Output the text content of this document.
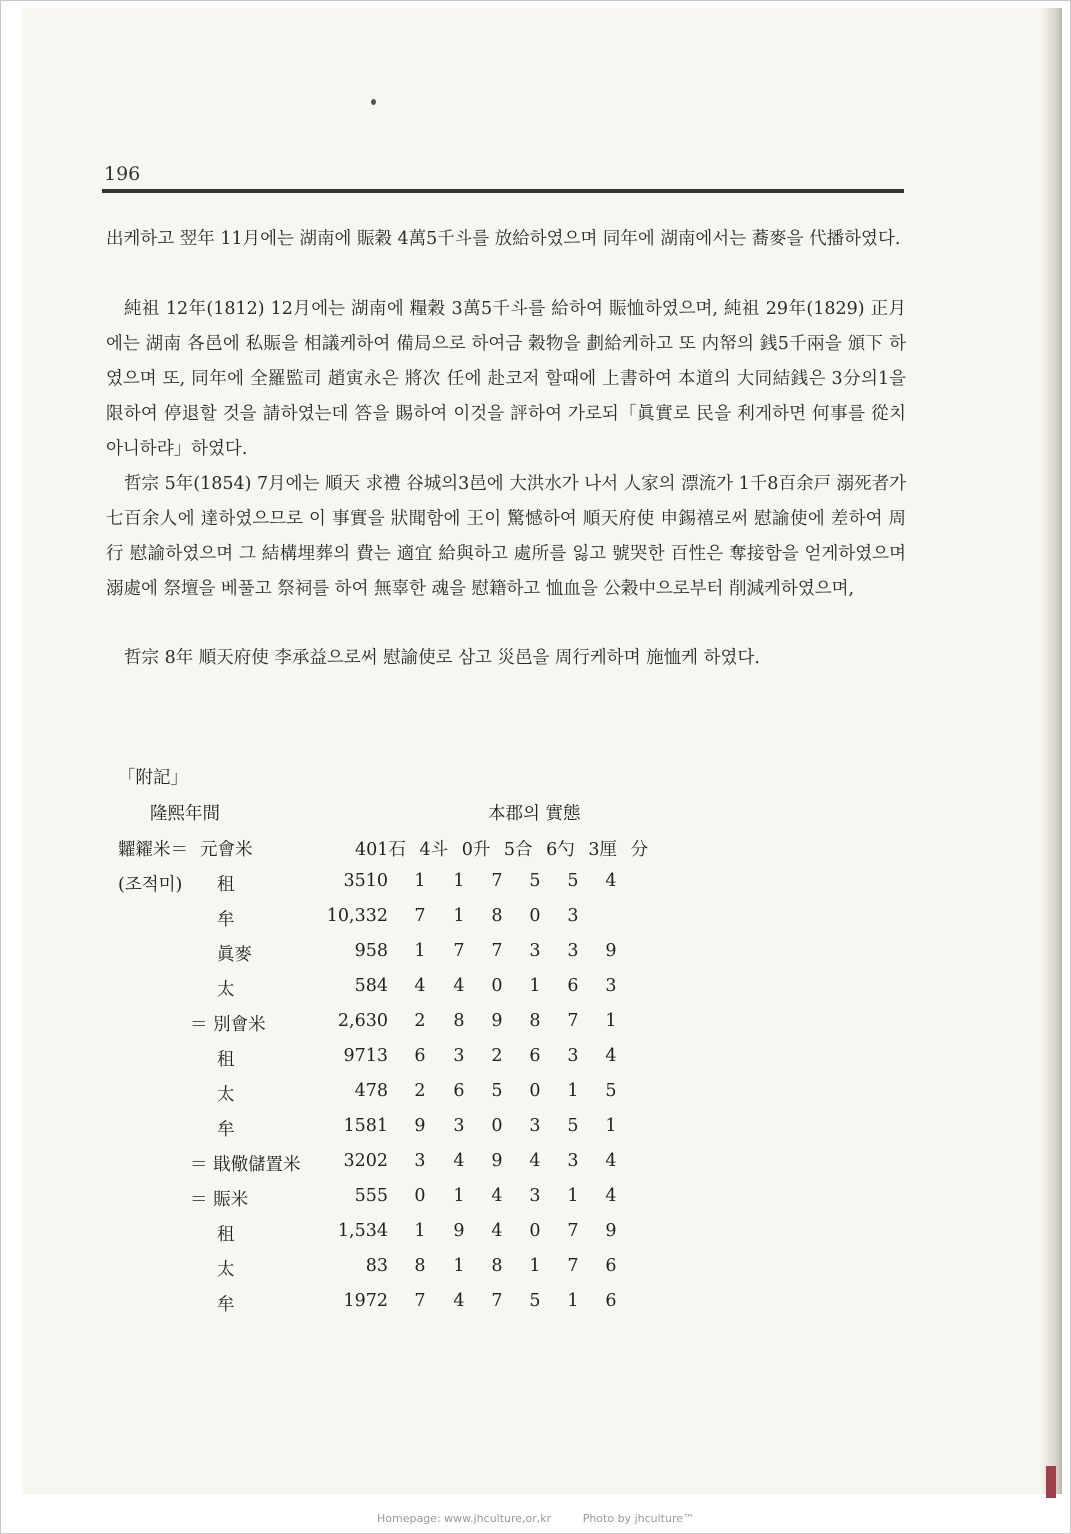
196

出케하고 翌年 11月에는 湖南에 賑穀 4萬5千斗를 放給하였으며 同年에 湖南에서는 蕎麥을 代播하였다.

純祖 12年(1812) 12月에는 湖南에 糧穀 3萬5千斗를 給하여 賑恤하였으며, 純祖 29年(1829) 正月에는 湖南 各邑에 私賑을 相議케하여 備局으로 하여금 穀物을 劃給케하고 또 内帑의 銭5千兩을 頒下 하였으며 또, 同年에 全羅監司 趙寅永은 將次 任에 赴코저 할때에 上書하여 本道의 大同結銭은 3分의1을 限하여 停退할 것을 請하였는데 答을 賜하여 이것을 評하여 가로되「眞實로 民을 利게하면 何事를 從치아니하랴」하였다.

哲宗 5年(1854) 7月에는 順天 求禮 谷城의3邑에 大洪水가 나서 人家의 漂流가 1千8百余戸 溺死者가 七百余人에 達하였으므로 이 事實을 狀聞함에 王이 驚憾하여 順天府使 申錫禧로써 慰諭使에 差하여 周行 慰諭하였으며 그 結構埋葬의 費는 適宜 給與하고 處所를 잃고 號哭한 百性은 奪接함을 얻게하였으며 溺處에 祭壇을 베풀고 祭祠를 하여 無辜한 魂을 慰籍하고 恤血을 公穀中으로부터 削減케하였으며,

哲宗 8年 順天府使 李承益으로써 慰諭使로 삼고 災邑을 周行케하며 施恤케 하였다.

「附記」
隆熙年間	本郡의 實態
401石 4斗 0升 5合 6勺 3厘 分
糶糴米＝ 元會米
(조적미) 租	3510 1 1 7 5 5 4
牟	10,332 7 1 8 0 3
眞麥	958 1 7 7 3 3 9
太	584 4 4 0 1 6 3
＝ 別會米	2,630 2 8 9 8 7 1
租	9713 6 3 2 6 3 4
太	478 2 6 5 0 1 5
牟	1581 9 3 0 3 5 1
＝ 戢儆儲置米	3202 3 4 9 4 3 4
＝ 賑米	555 0 1 4 3 1 4
租	1,534 1 9 4 0 7 9
太	83 8 1 8 1 7 6
牟	1972 7 4 7 5 1 6
Homepage: www.jhculture,or,kr	Photo by jhculture™
